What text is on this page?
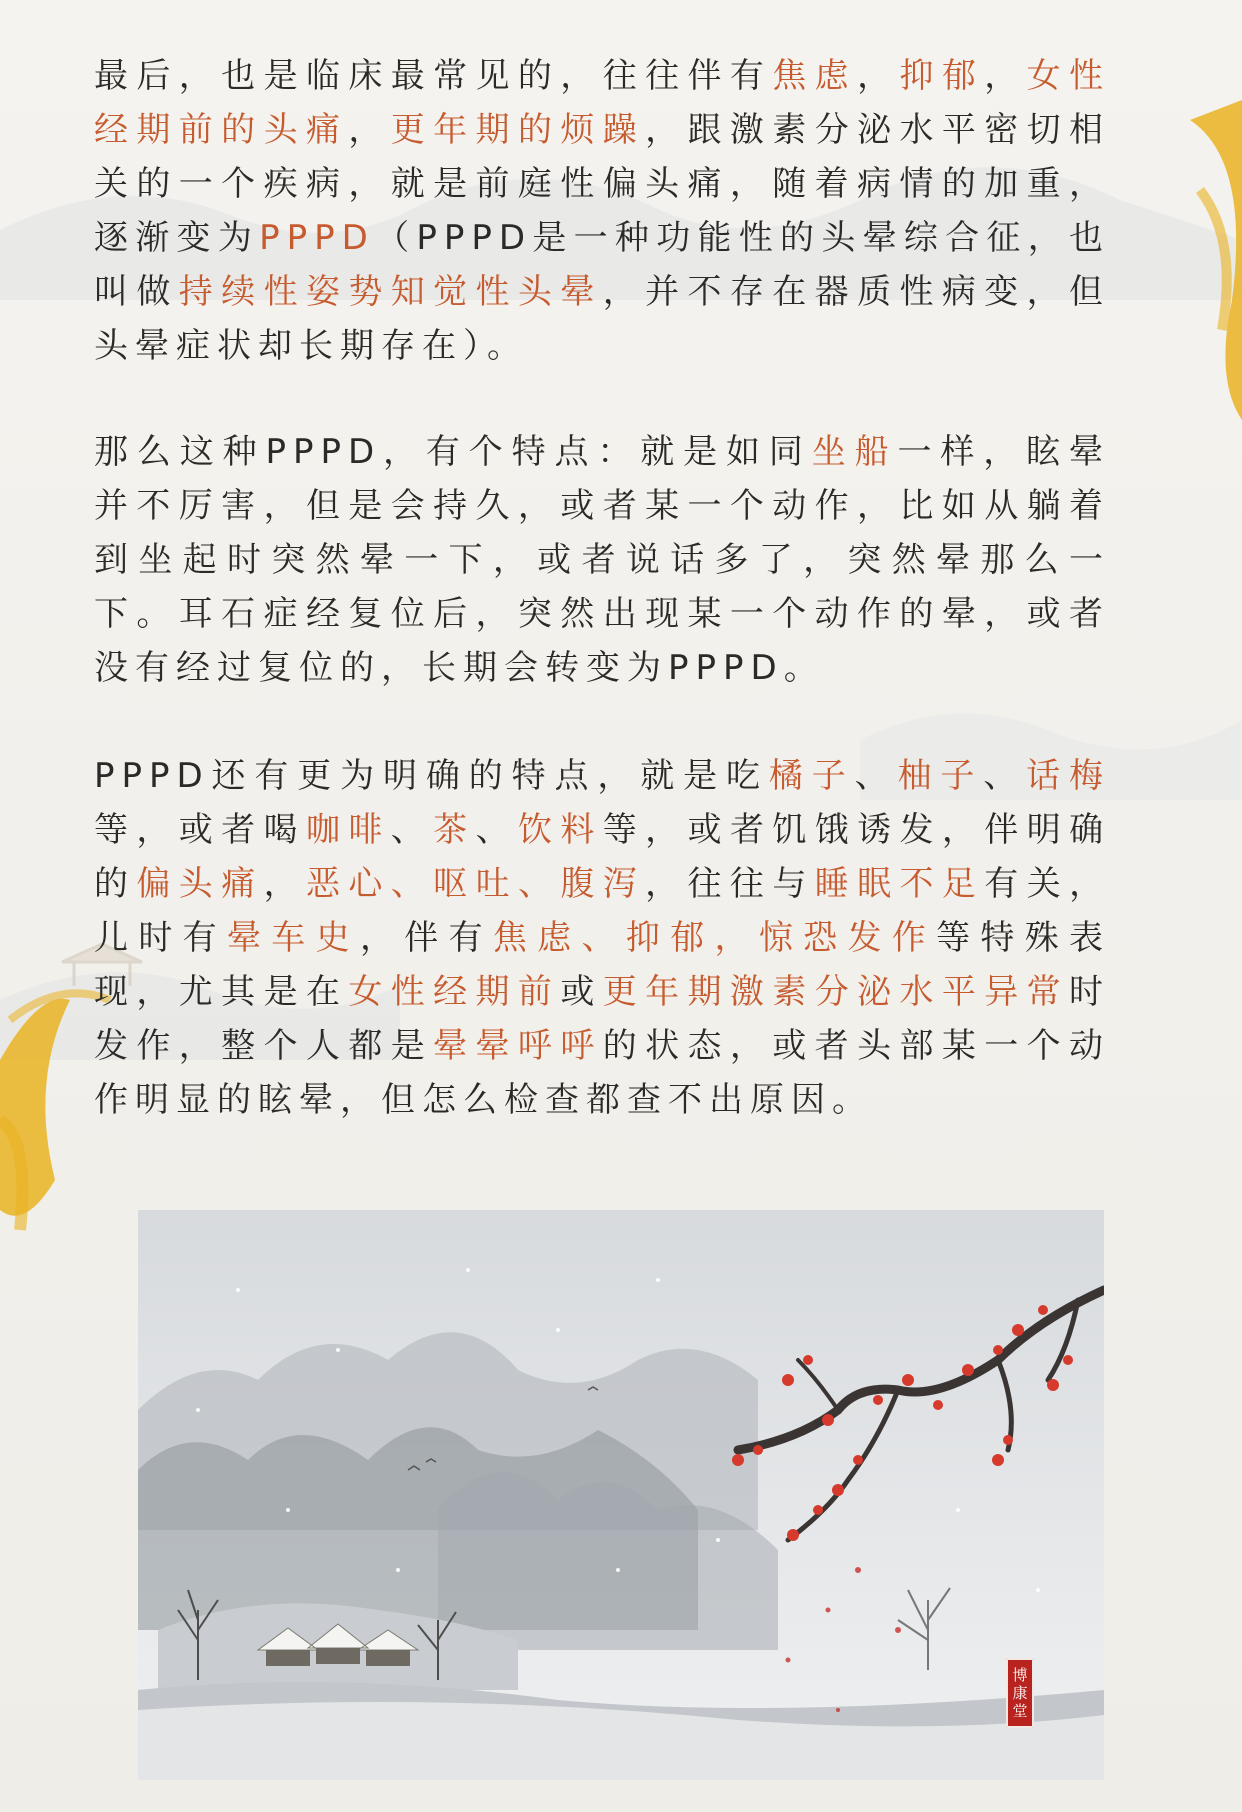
最后，也是临床最常见的，往往伴有焦虑，抑郁，女性经期前的头痛，更年期的烦躁，跟激素分泌水平密切相关的一个疾病，就是前庭性偏头痛，随着病情的加重，逐渐变为PPPD（PPPD是一种功能性的头晕综合征，也叫做持续性姿势知觉性头晕，并不存在器质性病变，但头晕症状却长期存在）。

那么这种PPPD，有个特点：就是如同坐船一样，眩晕并不厉害，但是会持久，或者某一个动作，比如从躺着到坐起时突然晕一下，或者说话多了，突然晕那么一下。耳石症经复位后，突然出现某一个动作的晕，或者没有经过复位的，长期会转变为PPPD。

PPPD还有更为明确的特点，就是吃橘子、柚子、话梅等，或者喝咖啡、茶、饮料等，或者饥饿诱发，伴明确的偏头痛，恶心、呕吐、腹泻，往往与睡眠不足有关，儿时有晕车史，伴有焦虑、抑郁，惊恐发作等特殊表现，尤其是在女性经期前或更年期激素分泌水平异常时发作，整个人都是晕晕呼呼的状态，或者头部某一个动作明显的眩晕，但怎么检查都查不出原因。

博
康
堂
